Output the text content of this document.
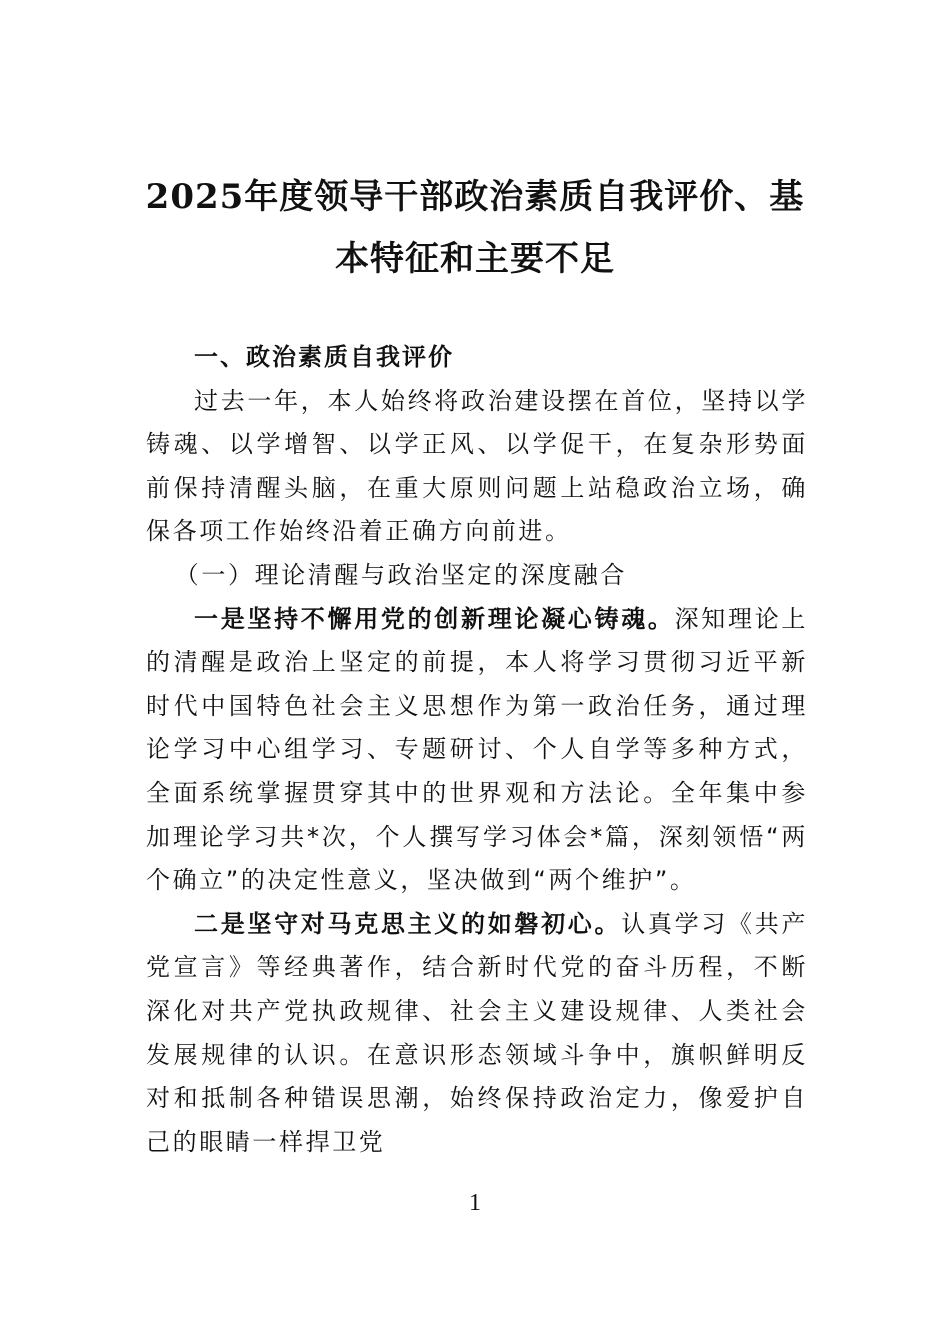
2025年度领导干部政治素质自我评价、基本特征和主要不足

一、政治素质自我评价

过去一年，本人始终将政治建设摆在首位，坚持以学铸魂、以学增智、以学正风、以学促干，在复杂形势面前保持清醒头脑，在重大原则问题上站稳政治立场，确保各项工作始终沿着正确方向前进。

（一）理论清醒与政治坚定的深度融合

一是坚持不懈用党的创新理论凝心铸魂。深知理论上的清醒是政治上坚定的前提，本人将学习贯彻习近平新时代中国特色社会主义思想作为第一政治任务，通过理论学习中心组学习、专题研讨、个人自学等多种方式，全面系统掌握贯穿其中的世界观和方法论。全年集中参加理论学习共*次，个人撰写学习体会*篇，深刻领悟“两个确立”的决定性意义，坚决做到“两个维护”。

二是坚守对马克思主义的如磐初心。认真学习《共产党宣言》等经典著作，结合新时代党的奋斗历程，不断深化对共产党执政规律、社会主义建设规律、人类社会发展规律的认识。在意识形态领域斗争中，旗帜鲜明反对和抵制各种错误思潮，始终保持政治定力，像爱护自己的眼睛一样捍卫党

1
